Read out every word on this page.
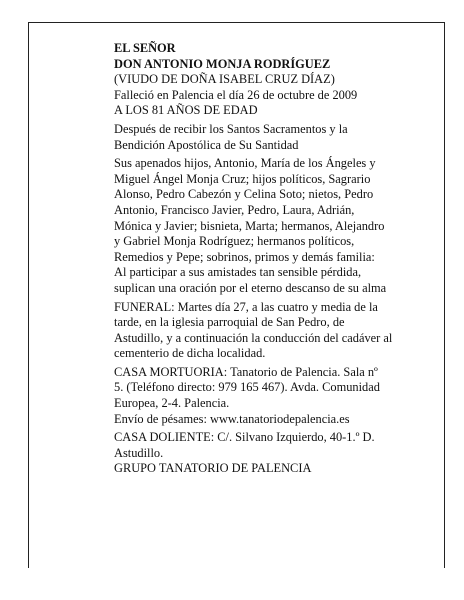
EL SEÑOR

DON ANTONIO MONJA RODRÍGUEZ

(VIUDO DE DOÑA ISABEL CRUZ DÍAZ)

Falleció en Palencia el día 26 de octubre de 2009

A LOS 81 AÑOS DE EDAD

Después de recibir los Santos Sacramentos y la

Bendición Apostólica de Su Santidad

Sus apenados hijos, Antonio, María de los Ángeles y

Miguel Ángel Monja Cruz; hijos políticos, Sagrario

Alonso, Pedro Cabezón y Celina Soto; nietos, Pedro

Antonio, Francisco Javier, Pedro, Laura, Adrián,

Mónica y Javier; bisnieta, Marta; hermanos, Alejandro

y Gabriel Monja Rodríguez; hermanos políticos,

Remedios y Pepe; sobrinos, primos y demás familia:

Al participar a sus amistades tan sensible pérdida,

suplican una oración por el eterno descanso de su alma

FUNERAL: Martes día 27, a las cuatro y media de la

tarde, en la iglesia parroquial de San Pedro, de

Astudillo, y a continuación la conducción del cadáver al

cementerio de dicha localidad.

CASA MORTUORIA: Tanatorio de Palencia. Sala nº

5. (Teléfono directo: 979 165 467). Avda. Comunidad

Europea, 2-4. Palencia.

Envío de pésames: www.tanatoriodepalencia.es

CASA DOLIENTE: C/. Silvano Izquierdo, 40-1.º D.

Astudillo.

GRUPO TANATORIO DE PALENCIA
